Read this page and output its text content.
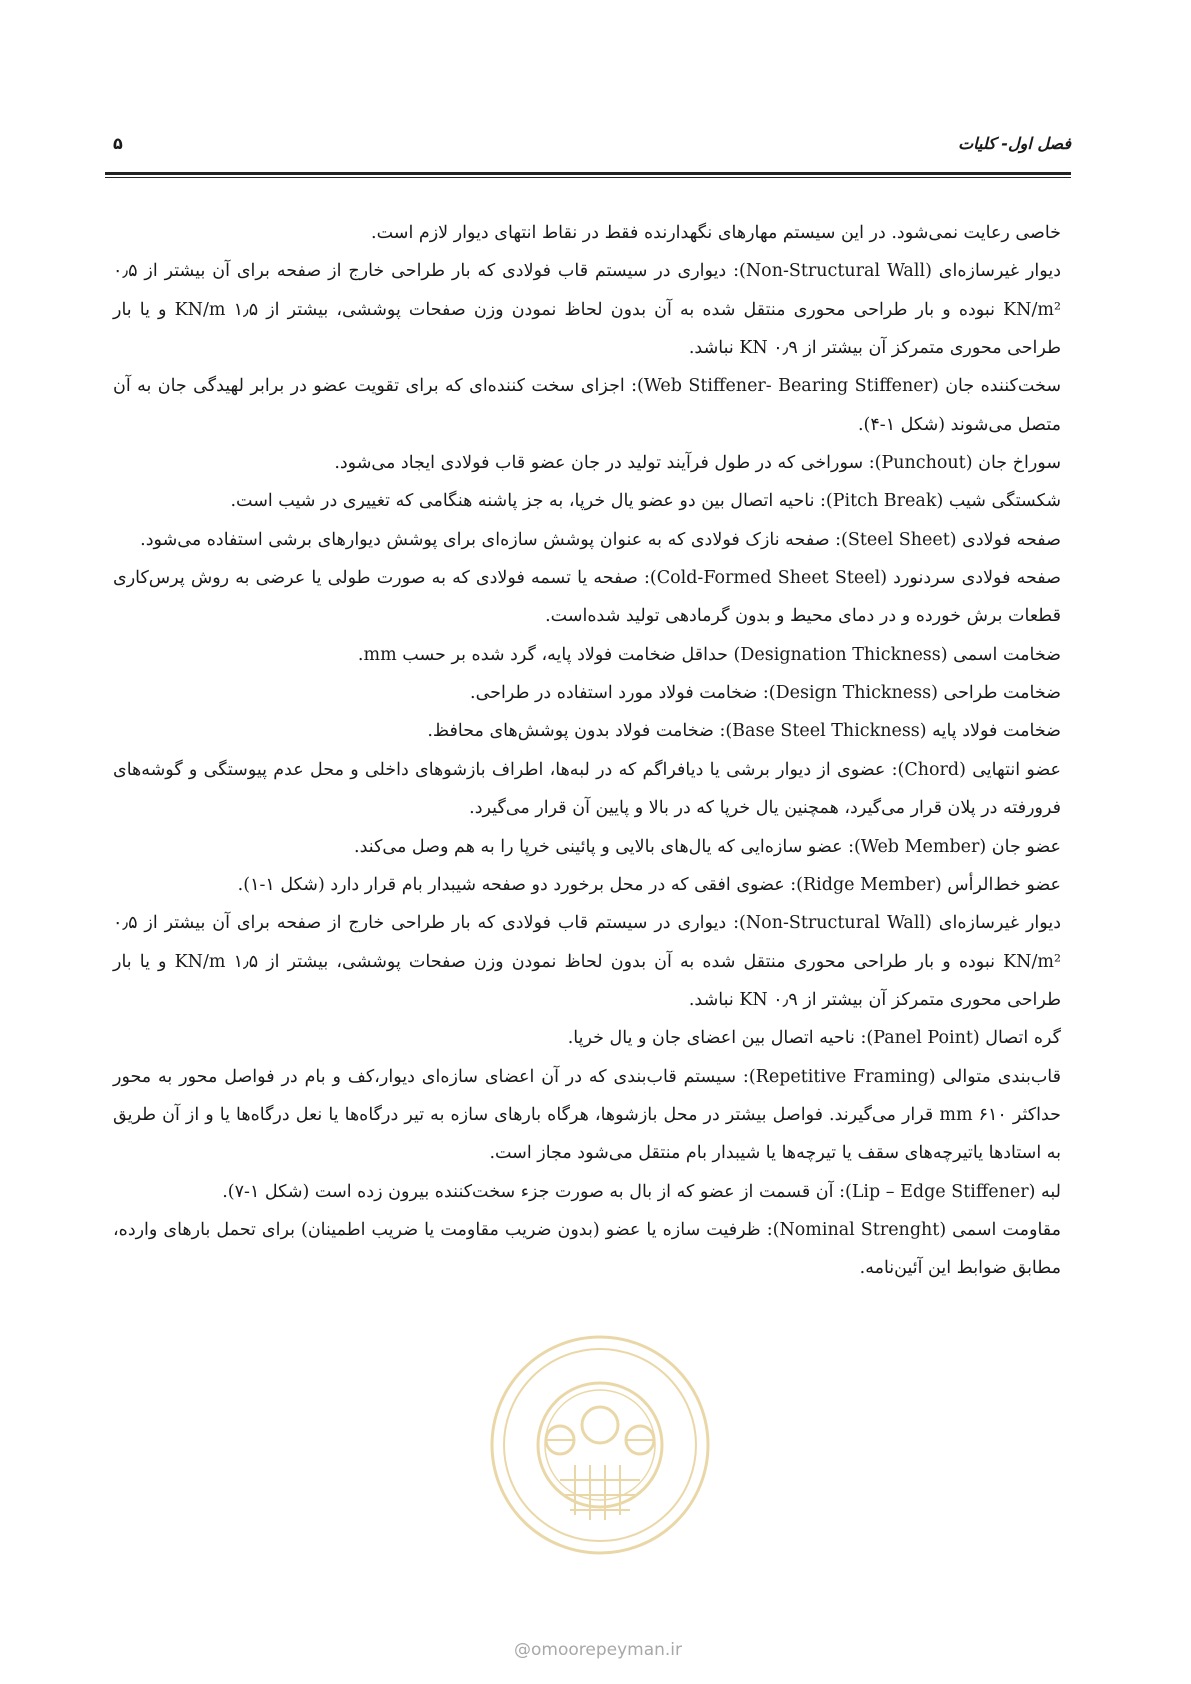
فصل اول- کلیات
۵

خاصی رعایت نمی‌شود. در این سیستم مهارهای نگهدارنده فقط در نقاط انتهای دیوار لازم است.

دیوار غیرسازه‌ای (Non-Structural Wall): دیواری در سیستم قاب فولادی که بار طراحی خارج از صفحه برای آن بیشتر از ۰٫۵ KN/m² نبوده و بار طراحی محوری منتقل شده به آن بدون لحاظ نمودن وزن صفحات پوششی، بیشتر از ۱٫۵ KN/m و یا بار طراحی محوری متمرکز آن بیشتر از ۰٫۹ KN نباشد.

سخت‌کننده جان (Web Stiffener- Bearing Stiffener): اجزای سخت کننده‌ای که برای تقویت عضو در برابر لهیدگی جان به آن متصل می‌شوند (شکل ۱-۴).

سوراخ جان (Punchout): سوراخی که در طول فرآیند تولید در جان عضو قاب فولادی ایجاد می‌شود.

شکستگی شیب (Pitch Break): ناحیه اتصال بین دو عضو یال خرپا، به جز پاشنه هنگامی که تغییری در شیب است.

صفحه فولادی (Steel Sheet): صفحه نازک فولادی که به عنوان پوشش سازه‌ای برای پوشش دیوارهای برشی استفاده می‌شود.

صفحه فولادی سردنورد (Cold-Formed Sheet Steel): صفحه یا تسمه فولادی که به صورت طولی یا عرضی به روش پرس‌کاری قطعات برش خورده و در دمای محیط و بدون گرمادهی تولید شده‌است.

ضخامت اسمی (Designation Thickness) حداقل ضخامت فولاد پایه، گرد شده بر حسب mm.

ضخامت طراحی (Design Thickness): ضخامت فولاد مورد استفاده در طراحی.

ضخامت فولاد پایه (Base Steel Thickness): ضخامت فولاد بدون پوشش‌های محافظ.

عضو انتهایی (Chord): عضوی از دیوار برشی یا دیافراگم که در لبه‌ها، اطراف بازشوهای داخلی و محل عدم پیوستگی و گوشه‌های فرورفته در پلان قرار می‌گیرد، همچنین یال خرپا که در بالا و پایین آن قرار می‌گیرد.

عضو جان (Web Member): عضو سازه‌ایی که یال‌های بالایی و پائینی خرپا را به هم وصل می‌کند.

عضو خط‌الرأس (Ridge Member): عضوی افقی که در محل برخورد دو صفحه شیبدار بام قرار دارد (شکل ۱-۱).

دیوار غیرسازه‌ای (Non-Structural Wall): دیواری در سیستم قاب فولادی که بار طراحی خارج از صفحه برای آن بیشتر از ۰٫۵ KN/m² نبوده و بار طراحی محوری منتقل شده به آن بدون لحاظ نمودن وزن صفحات پوششی، بیشتر از ۱٫۵ KN/m و یا بار طراحی محوری متمرکز آن بیشتر از ۰٫۹ KN نباشد.

گره اتصال (Panel Point): ناحیه اتصال بین اعضای جان و یال خرپا.

قاب‌بندی متوالی (Repetitive Framing): سیستم قاب‌بندی که در آن اعضای سازه‌ای دیوار،کف و بام در فواصل محور به محور حداکثر mm ۶۱۰ قرار می‌گیرند. فواصل بیشتر در محل بازشوها، هرگاه بارهای سازه به تیر درگاه‌ها یا نعل درگاه‌ها یا و از آن طریق به استادها یاتیرچه‌های سقف یا تیرچه‌ها یا شیبدار بام منتقل می‌شود مجاز است.

لبه (Lip – Edge Stiffener): آن قسمت از عضو که از بال به صورت جزء سخت‌کننده بیرون زده است (شکل ۱-۷).

مقاومت اسمی (Nominal Strenght): ظرفیت سازه یا عضو (بدون ضریب مقاومت یا ضریب اطمینان) برای تحمل بارهای وارده، مطابق ضوابط این آئین‌نامه.

@omoorepeyman.ir
